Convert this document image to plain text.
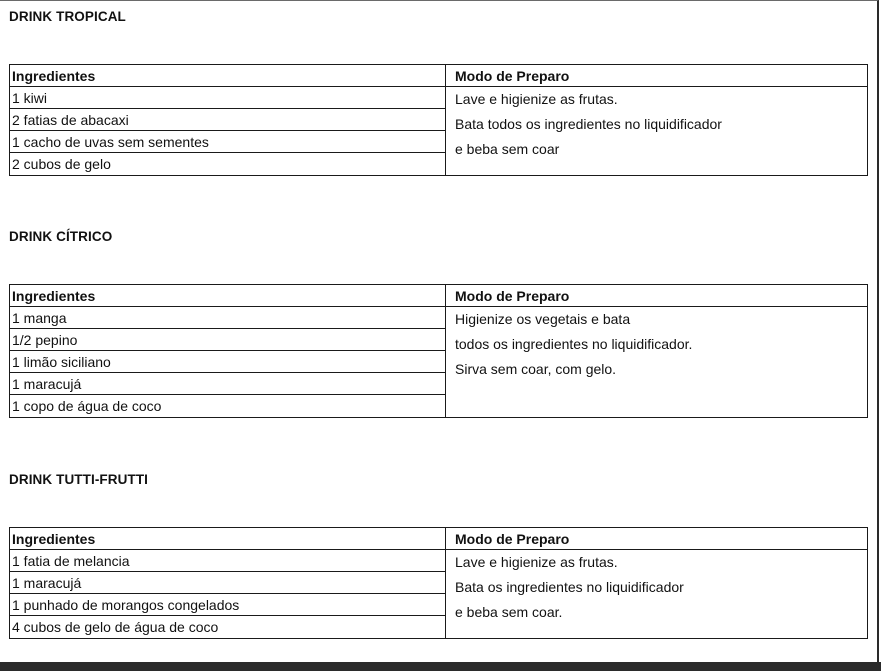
DRINK TROPICAL
Ingredientes
1 kiwi
2 fatias de abacaxi
1 cacho de uvas sem sementes
2 cubos de gelo
Modo de Preparo
Lave e higienize as frutas.
Bata todos os ingredientes no liquidificador
e beba sem coar
DRINK CÍTRICO
Ingredientes
1 manga
1/2 pepino
1 limão siciliano
1 maracujá
1 copo de água de coco
Modo de Preparo
Higienize os vegetais e bata
todos os ingredientes no liquidificador.
Sirva sem coar, com gelo.
DRINK TUTTI-FRUTTI
Ingredientes
1 fatia de melancia
1 maracujá
1 punhado de morangos congelados
4 cubos de gelo de água de coco
Modo de Preparo
Lave e higienize as frutas.
Bata os ingredientes no liquidificador
e beba sem coar.
